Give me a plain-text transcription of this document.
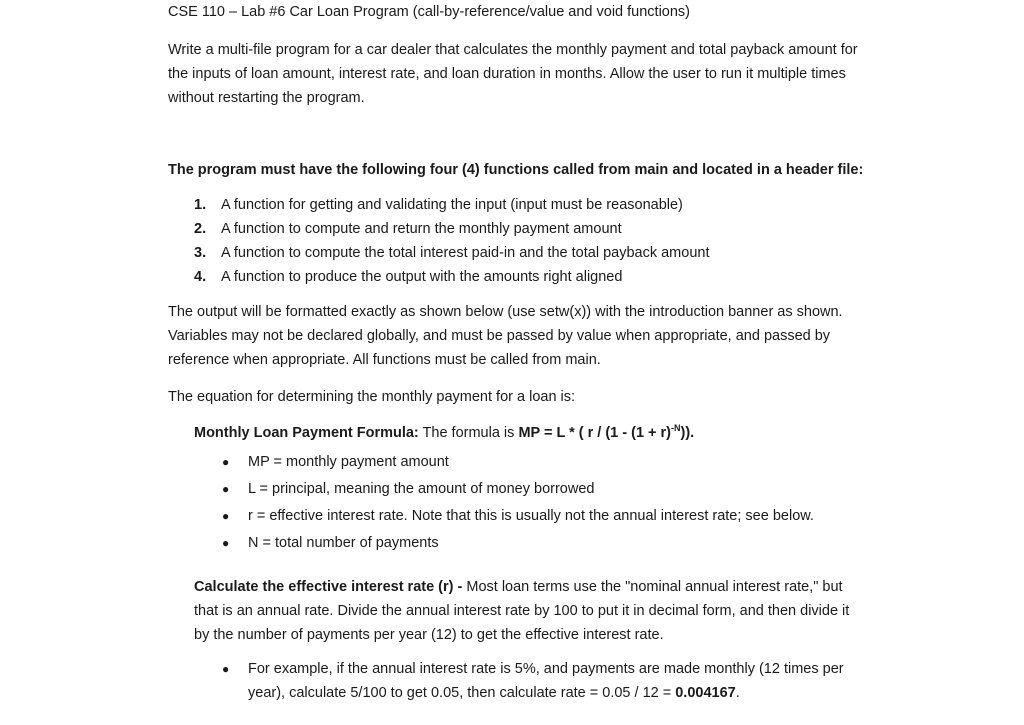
CSE 110 – Lab #6 Car Loan Program (call-by-reference/value and void functions)
Write a multi-file program for a car dealer that calculates the monthly payment and total payback amount for the inputs of loan amount, interest rate, and loan duration in months. Allow the user to run it multiple times without restarting the program.
The program must have the following four (4) functions called from main and located in a header file:
1. A function for getting and validating the input (input must be reasonable)
2. A function to compute and return the monthly payment amount
3. A function to compute the total interest paid-in and the total payback amount
4. A function to produce the output with the amounts right aligned
The output will be formatted exactly as shown below (use setw(x)) with the introduction banner as shown. Variables may not be declared globally, and must be passed by value when appropriate, and passed by reference when appropriate. All functions must be called from main.
The equation for determining the monthly payment for a loan is:
Monthly Loan Payment Formula: The formula is MP = L * ( $r / (1 - (1 + r)^{-N})$).
● MP = monthly payment amount
● L = principal, meaning the amount of money borrowed
● r = effective interest rate. Note that this is usually not the annual interest rate; see below.
● N = total number of payments
Calculate the effective interest rate (r) - Most loan terms use the "nominal annual interest rate," but that is an annual rate. Divide the annual interest rate by 100 to put it in decimal form, and then divide it by the number of payments per year (12) to get the effective interest rate.
● For example, if the annual interest rate is 5%, and payments are made monthly (12 times per year), calculate 5/100 to get 0.05, then calculate rate = 0.05 / 12 = 0.004167.
